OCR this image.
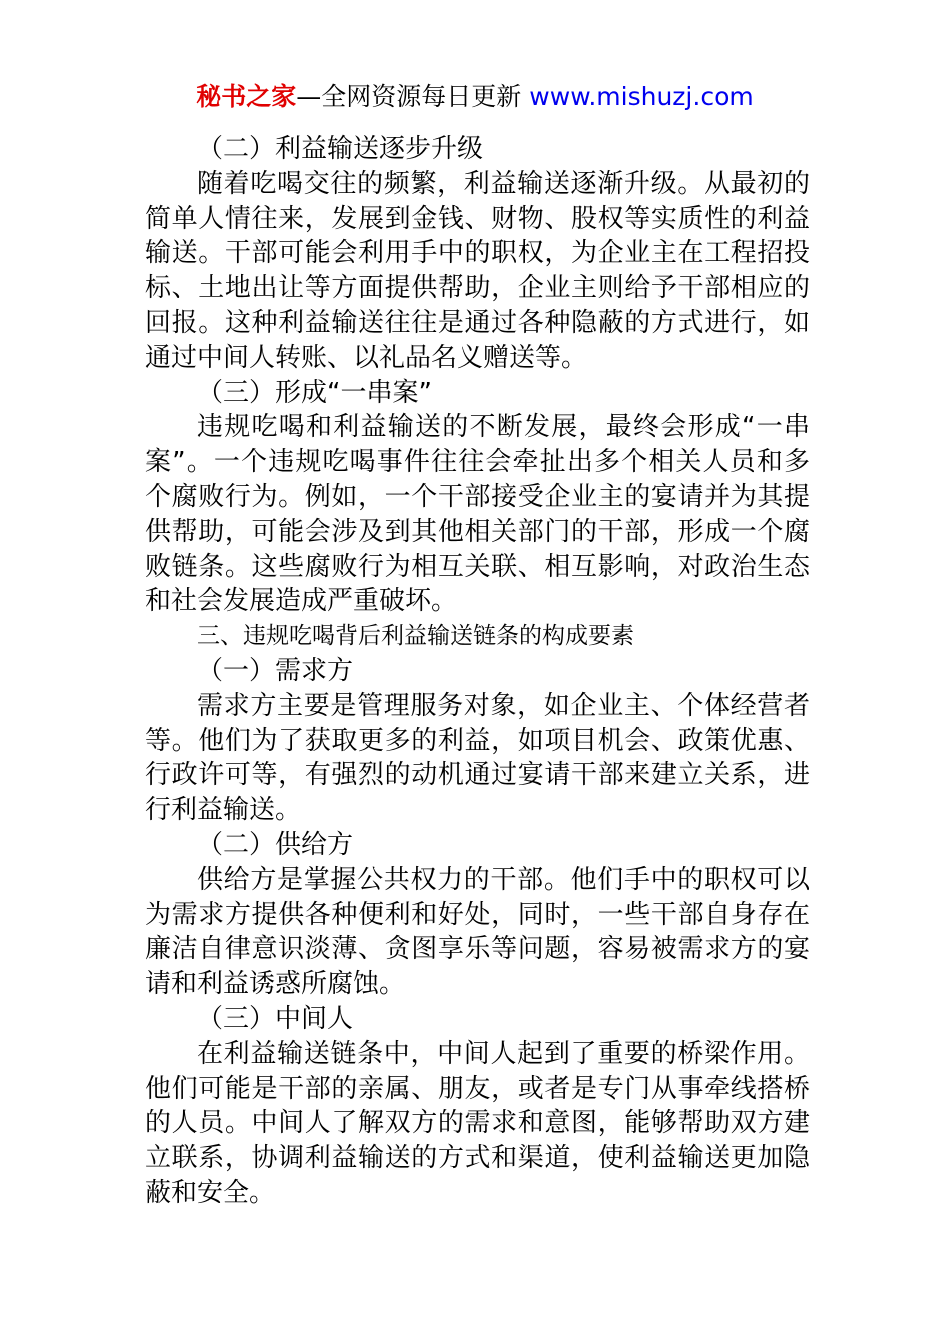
秘书之家—全网资源每日更新 www.mishuzj.com
（二）利益输送逐步升级
随着吃喝交往的频繁，利益输送逐渐升级。从最初的
简单人情往来，发展到金钱、财物、股权等实质性的利益
输送。干部可能会利用手中的职权，为企业主在工程招投
标、土地出让等方面提供帮助，企业主则给予干部相应的
回报。这种利益输送往往是通过各种隐蔽的方式进行，如
通过中间人转账、以礼品名义赠送等。
（三）形成“一串案”
违规吃喝和利益输送的不断发展，最终会形成“一串
案”。一个违规吃喝事件往往会牵扯出多个相关人员和多
个腐败行为。例如，一个干部接受企业主的宴请并为其提
供帮助，可能会涉及到其他相关部门的干部，形成一个腐
败链条。这些腐败行为相互关联、相互影响，对政治生态
和社会发展造成严重破坏。
三、违规吃喝背后利益输送链条的构成要素
（一）需求方
需求方主要是管理服务对象，如企业主、个体经营者
等。他们为了获取更多的利益，如项目机会、政策优惠、
行政许可等，有强烈的动机通过宴请干部来建立关系，进
行利益输送。
（二）供给方
供给方是掌握公共权力的干部。他们手中的职权可以
为需求方提供各种便利和好处，同时，一些干部自身存在
廉洁自律意识淡薄、贪图享乐等问题，容易被需求方的宴
请和利益诱惑所腐蚀。
（三）中间人
在利益输送链条中，中间人起到了重要的桥梁作用。
他们可能是干部的亲属、朋友，或者是专门从事牵线搭桥
的人员。中间人了解双方的需求和意图，能够帮助双方建
立联系，协调利益输送的方式和渠道，使利益输送更加隐
蔽和安全。
